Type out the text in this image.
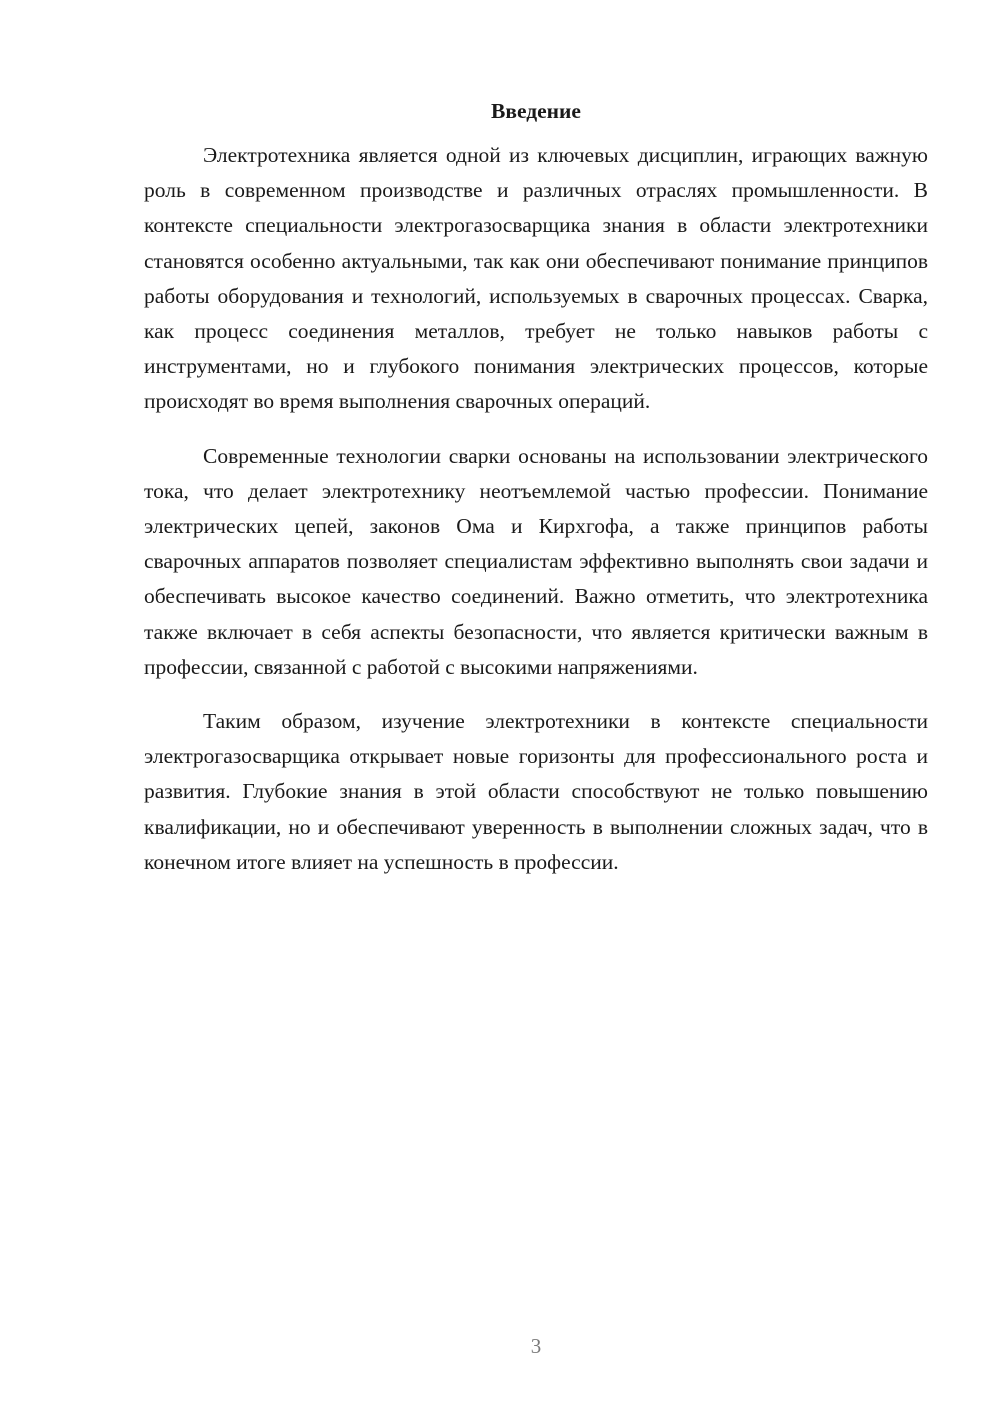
Введение

Электротехника является одной из ключевых дисциплин, играющих важную роль в современном производстве и различных отраслях промышленности. В контексте специальности электрогазосварщика знания в области электротехники становятся особенно актуальными, так как они обеспечивают понимание принципов работы оборудования и технологий, используемых в сварочных процессах. Сварка, как процесс соединения металлов, требует не только навыков работы с инструментами, но и глубокого понимания электрических процессов, которые происходят во время выполнения сварочных операций.

Современные технологии сварки основаны на использовании электрического тока, что делает электротехнику неотъемлемой частью профессии. Понимание электрических цепей, законов Ома и Кирхгофа, а также принципов работы сварочных аппаратов позволяет специалистам эффективно выполнять свои задачи и обеспечивать высокое качество соединений. Важно отметить, что электротехника также включает в себя аспекты безопасности, что является критически важным в профессии, связанной с работой с высокими напряжениями.

Таким образом, изучение электротехники в контексте специальности электрогазосварщика открывает новые горизонты для профессионального роста и развития. Глубокие знания в этой области способствуют не только повышению квалификации, но и обеспечивают уверенность в выполнении сложных задач, что в конечном итоге влияет на успешность в профессии.

3
